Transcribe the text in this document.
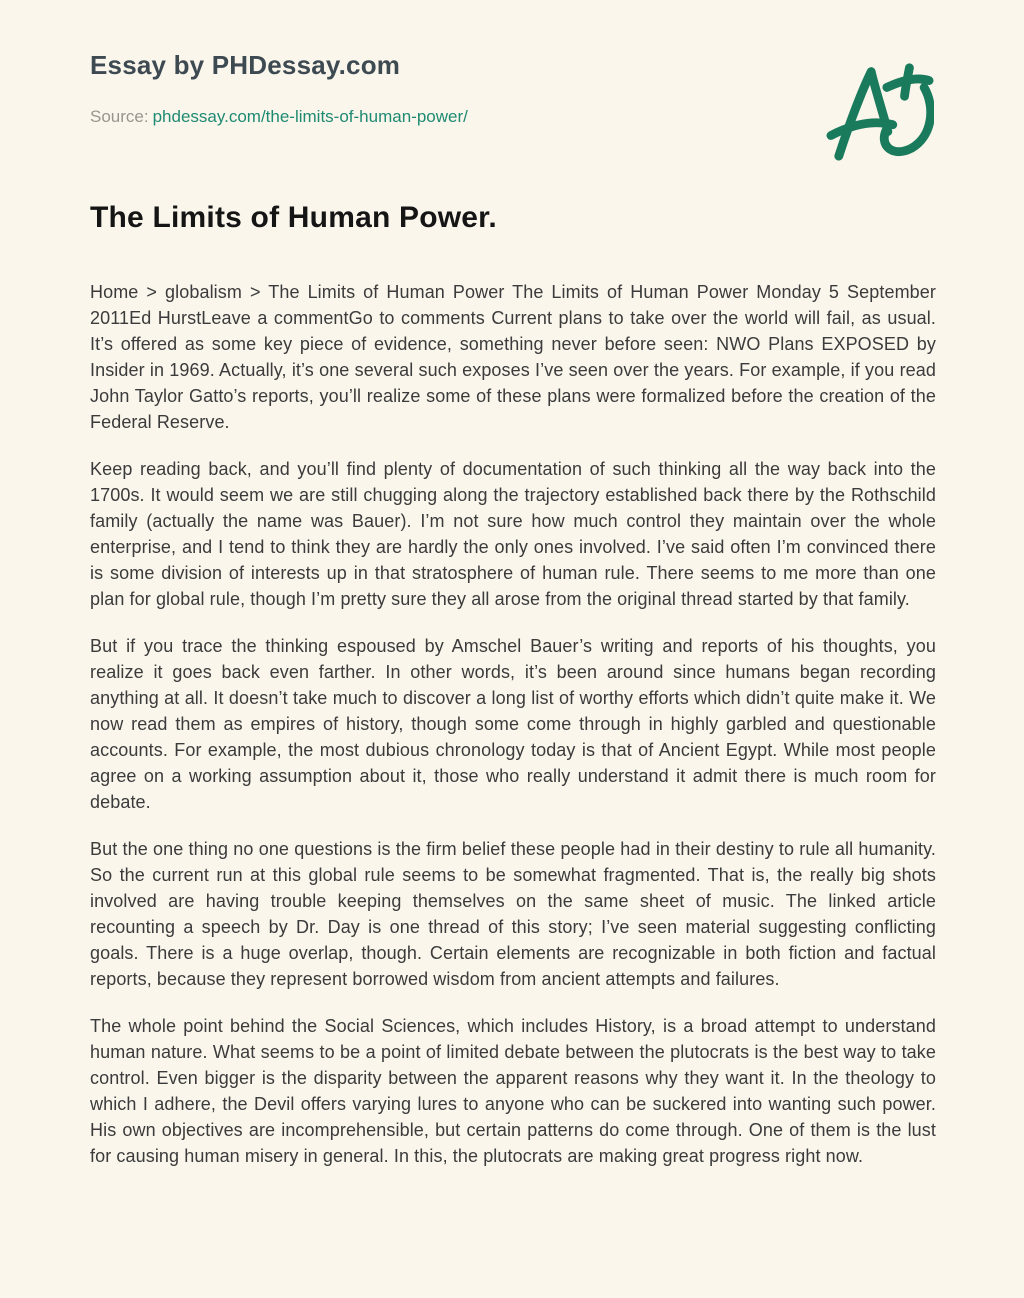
Essay by PHDessay.com
Source: phdessay.com/the-limits-of-human-power/
The Limits of Human Power.

Home > globalism > The Limits of Human Power The Limits of Human Power Monday 5 September 2011Ed HurstLeave a commentGo to comments Current plans to take over the world will fail, as usual. It’s offered as some key piece of evidence, something never before seen: NWO Plans EXPOSED by Insider in 1969. Actually, it’s one several such exposes I’ve seen over the years. For example, if you read John Taylor Gatto’s reports, you’ll realize some of these plans were formalized before the creation of the Federal Reserve.

Keep reading back, and you’ll find plenty of documentation of such thinking all the way back into the 1700s. It would seem we are still chugging along the trajectory established back there by the Rothschild family (actually the name was Bauer). I’m not sure how much control they maintain over the whole enterprise, and I tend to think they are hardly the only ones involved. I’ve said often I’m convinced there is some division of interests up in that stratosphere of human rule. There seems to me more than one plan for global rule, though I’m pretty sure they all arose from the original thread started by that family.

But if you trace the thinking espoused by Amschel Bauer’s writing and reports of his thoughts, you realize it goes back even farther. In other words, it’s been around since humans began recording anything at all. It doesn’t take much to discover a long list of worthy efforts which didn’t quite make it. We now read them as empires of history, though some come through in highly garbled and questionable accounts. For example, the most dubious chronology today is that of Ancient Egypt. While most people agree on a working assumption about it, those who really understand it admit there is much room for debate.

But the one thing no one questions is the firm belief these people had in their destiny to rule all humanity. So the current run at this global rule seems to be somewhat fragmented. That is, the really big shots involved are having trouble keeping themselves on the same sheet of music. The linked article recounting a speech by Dr. Day is one thread of this story; I’ve seen material suggesting conflicting goals. There is a huge overlap, though. Certain elements are recognizable in both fiction and factual reports, because they represent borrowed wisdom from ancient attempts and failures.

The whole point behind the Social Sciences, which includes History, is a broad attempt to understand human nature. What seems to be a point of limited debate between the plutocrats is the best way to take control. Even bigger is the disparity between the apparent reasons why they want it. In the theology to which I adhere, the Devil offers varying lures to anyone who can be suckered into wanting such power. His own objectives are incomprehensible, but certain patterns do come through. One of them is the lust for causing human misery in general. In this, the plutocrats are making great progress right now.
